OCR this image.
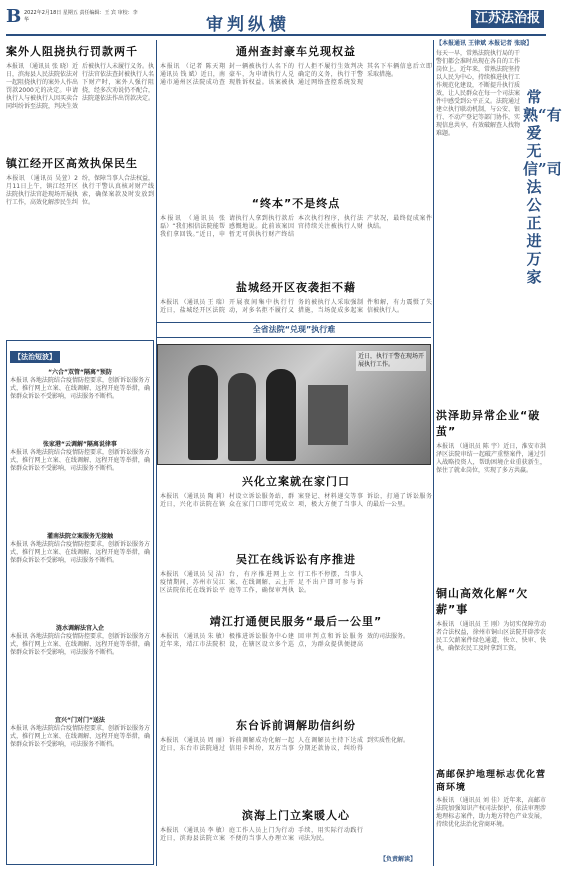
B 2022年2月18日 星期五 责任编辑：王 宾 审校：李 华	审判纵横	江苏法治报
案外人阻挠执行罚款两千
本报讯 （通讯员 张 晓）近日，滨海县人民法院依法对一起阻挠执行的案外人作出罚款2000元的决定。申请执行人与被执行人因买卖合同纠纷诉至法院，判决生效后被执行人未履行义务。执行法官依法查封被执行人名下财产时，案外人强行阻挠，经多次劝说仍不配合，法院遂依法作出罚款决定。
镇江经开区高效执保民生
本报讯 （通讯员 吴萱）2月11日上午，镇江经开区法院执行法官赴现场开展执行工作，高效化解涉民生纠纷，保障当事人合法权益，执行干警认真核对财产线索，确保案款及时发放到位。
【法治短波】
“六合”双管“隔离”预防
本报讯 各地法院结合疫情防控要求，创新诉讼服务方式，推行网上立案、在线调解、远程开庭等举措，确保群众诉讼不受影响，司法服务不断档。
张家港“云调解”隔离说律事
本报讯 各地法院结合疫情防控要求，创新诉讼服务方式，推行网上立案、在线调解、远程开庭等举措，确保群众诉讼不受影响，司法服务不断档。
灌南法院立案服务无接触
本报讯 各地法院结合疫情防控要求，创新诉讼服务方式，推行网上立案、在线调解、远程开庭等举措，确保群众诉讼不受影响，司法服务不断档。
涟水调解法官入企
本报讯 各地法院结合疫情防控要求，创新诉讼服务方式，推行网上立案、在线调解、远程开庭等举措，确保群众诉讼不受影响，司法服务不断档。
宜兴“门对门”送法
本报讯 各地法院结合疫情防控要求，创新诉讼服务方式，推行网上立案、在线调解、远程开庭等举措，确保群众诉讼不受影响，司法服务不断档。
通州查封豪车兑现权益
本报讯 （记者 陈天翔 通讯员 钱 斌）近日，南通市通州区法院成功查封一辆被执行人名下的豪车，为申请执行人兑现胜诉权益。该案被执行人拒不履行生效判决确定的义务，执行干警通过网络查控系统发现其名下车辆信息后立即采取措施。
“终本”不是终点
本报讯 （通讯员 张 磊）“我们相信法院能帮我们拿回钱。”近日，申请执行人拿到执行款后感慨地说。此前该案因暂无可供执行财产终结本次执行程序，执行法官持续关注被执行人财产状况，最终促成案件执结。
盐城经开区夜袭拒不藉
本报讯 （通讯员 王 瑞）近日，盐城经开区法院开展夜间集中执行行动，对多名拒不履行义务的被执行人采取强制措施，当场促成多起案件和解，有力震慑了失信被执行人。
全省法院“兑现”执行难
近日，执行干警在现场开展执行工作。
兴化立案就在家门口
本报讯 （通讯员 陶 莉）近日，兴化市法院在镇村设立诉讼服务站，群众在家门口即可完成立案登记、材料递交等事项，极大方便了当事人诉讼，打通了诉讼服务的最后一公里。
吴江在线诉讼有序推进
本报讯 （通讯员 吴 洁）疫情期间，苏州市吴江区法院依托在线诉讼平台，有序推进网上立案、在线调解、云上开庭等工作，确保审判执行工作不停摆，当事人足不出户即可参与诉讼。
靖江打通便民服务“最后一公里”
本报讯 （通讯员 朱 敏）近年来，靖江市法院积极推进诉讼服务中心建设，在辖区设立多个巡回审判点和诉讼服务点，为群众提供便捷高效的司法服务。
东台诉前调解助信纠纷
本报讯 （通讯员 周 丽）近日，东台市法院通过诉前调解成功化解一起信用卡纠纷，双方当事人在调解员主持下达成分期还款协议，纠纷得到实质性化解。
滨海上门立案暖人心
本报讯 （通讯员 李 敏）近日，滨海县法院立案庭工作人员上门为行动不便的当事人办理立案手续，用实际行动践行司法为民。
【负责解读】
【本报通讯 王律斌 本报记者 张晓】
每天一早，常熟法院执行局的干警们都会准时出现在各自的工作岗位上。近年来，常熟法院坚持以人民为中心，持续推进执行工作规范化建设，不断提升执行质效，让人民群众在每一个司法案件中感受到公平正义。法院通过建立执行联动机制，与公安、银行、不动产登记等部门协作，实现信息共享，有效破解查人找物难题。
常熟“有爱无信”司法公正进万家
洪泽助异常企业“破茧”
本报讯 （通讯员 陈 宇）近日，淮安市洪泽区法院审结一起破产重整案件，通过引入战略投资人，帮助困境企业重获新生，保住了就业岗位，实现了多方共赢。
铜山高效化解“欠薪”事
本报讯 （通讯员 王 刚）为切实保障劳动者合法权益，徐州市铜山区法院开辟涉农民工欠薪案件绿色通道，快立、快审、快执，确保农民工及时拿到工资。
高邮保护地理标志优化营商环境
本报讯 （通讯员 刘 佳）近年来，高邮市法院加强知识产权司法保护，依法审理涉地理标志案件，助力地方特色产业发展，持续优化法治化营商环境。
